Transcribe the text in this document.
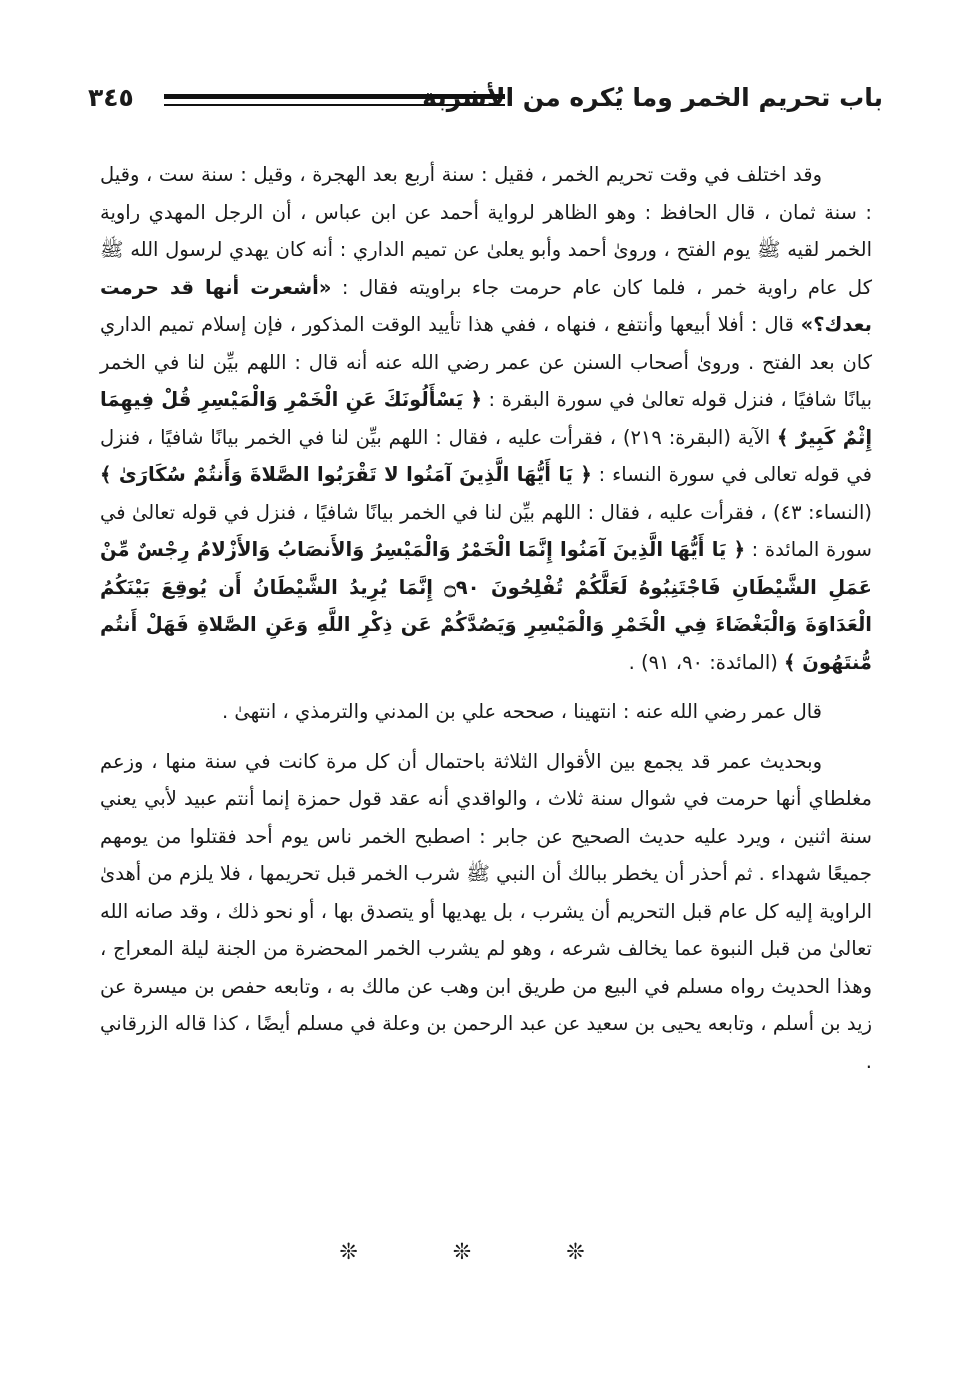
باب تحريم الخمر وما يُكره من الأشربة
٣٤٥

وقد اختلف في وقت تحريم الخمر ، فقيل : سنة أربع بعد الهجرة ، وقيل : سنة ست ، وقيل : سنة ثمان ، قال الحافظ : وهو الظاهر لرواية أحمد عن ابن عباس ، أن الرجل المهدي راوية الخمر لقيه ﷺ يوم الفتح ، وروىٰ أحمد وأبو يعلىٰ عن تميم الداري : أنه كان يهدي لرسول الله ﷺ كل عام راوية خمر ، فلما كان عام حرمت جاء براويته فقال : «أشعرت أنها قد حرمت بعدك؟» قال : أفلا أبيعها وأنتفع ، فنهاه ، ففي هذا تأييد الوقت المذكور ، فإن إسلام تميم الداري كان بعد الفتح . وروىٰ أصحاب السنن عن عمر رضي الله عنه أنه قال : اللهم بيِّن لنا في الخمر بيانًا شافيًا ، فنزل قوله تعالىٰ في سورة البقرة : ﴿ يَسْأَلُونَكَ عَنِ الْخَمْرِ وَالْمَيْسِرِ قُلْ فِيهِمَا إِثْمٌ كَبِيرٌ ﴾ الآية (البقرة: ٢١٩) ، فقرأت عليه ، فقال : اللهم بيِّن لنا في الخمر بيانًا شافيًا ، فنزل في قوله تعالى في سورة النساء : ﴿ يَا أَيُّهَا الَّذِينَ آمَنُوا لا تَقْرَبُوا الصَّلاةَ وَأَنتُمْ سُكَارَىٰ ﴾ (النساء: ٤٣) ، فقرأت عليه ، فقال : اللهم بيِّن لنا في الخمر بيانًا شافيًا ، فنزل في قوله تعالىٰ في سورة المائدة : ﴿ يَا أَيُّهَا الَّذِينَ آمَنُوا إِنَّمَا الْخَمْرُ وَالْمَيْسِرُ وَالأَنصَابُ وَالأَزْلامُ رِجْسٌ مِّنْ عَمَلِ الشَّيْطَانِ فَاجْتَنِبُوهُ لَعَلَّكُمْ تُفْلِحُونَ ۝٩٠ إِنَّمَا يُرِيدُ الشَّيْطَانُ أَن يُوقِعَ بَيْنَكُمُ الْعَدَاوَةَ وَالْبَغْضَاءَ فِي الْخَمْرِ وَالْمَيْسِرِ وَيَصُدَّكُمْ عَن ذِكْرِ اللَّهِ وَعَنِ الصَّلاةِ فَهَلْ أَنتُم مُّنتَهُونَ ﴾ (المائدة: ٩٠، ٩١) .

قال عمر رضي الله عنه : انتهينا ، صححه علي بن المدني والترمذي ، انتهىٰ .

وبحديث عمر قد يجمع بين الأقوال الثلاثة باحتمال أن كل مرة كانت في سنة منها ، وزعم مغلطاي أنها حرمت في شوال سنة ثلاث ، والواقدي أنه عقد قول حمزة إنما أنتم عبيد لأبي يعني سنة اثنين ، ويرد عليه حديث الصحيح عن جابر : اصطبح الخمر ناس يوم أحد فقتلوا من يومهم جميعًا شهداء . ثم أحذر أن يخطر ببالك أن النبي ﷺ شرب الخمر قبل تحريمها ، فلا يلزم من أهدىٰ الراوية إليه كل عام قبل التحريم أن يشرب ، بل يهديها أو يتصدق بها ، أو نحو ذلك ، وقد صانه الله تعالىٰ من قبل النبوة عما يخالف شرعه ، وهو لم يشرب الخمر المحضرة من الجنة ليلة المعراج ، وهذا الحديث رواه مسلم في البيع من طريق ابن وهب عن مالك به ، وتابعه حفص بن ميسرة عن زيد بن أسلم ، وتابعه يحيى بن سعيد عن عبد الرحمن بن وعلة في مسلم أيضًا ، كذا قاله الزرقاني .

❊ ❊ ❊
